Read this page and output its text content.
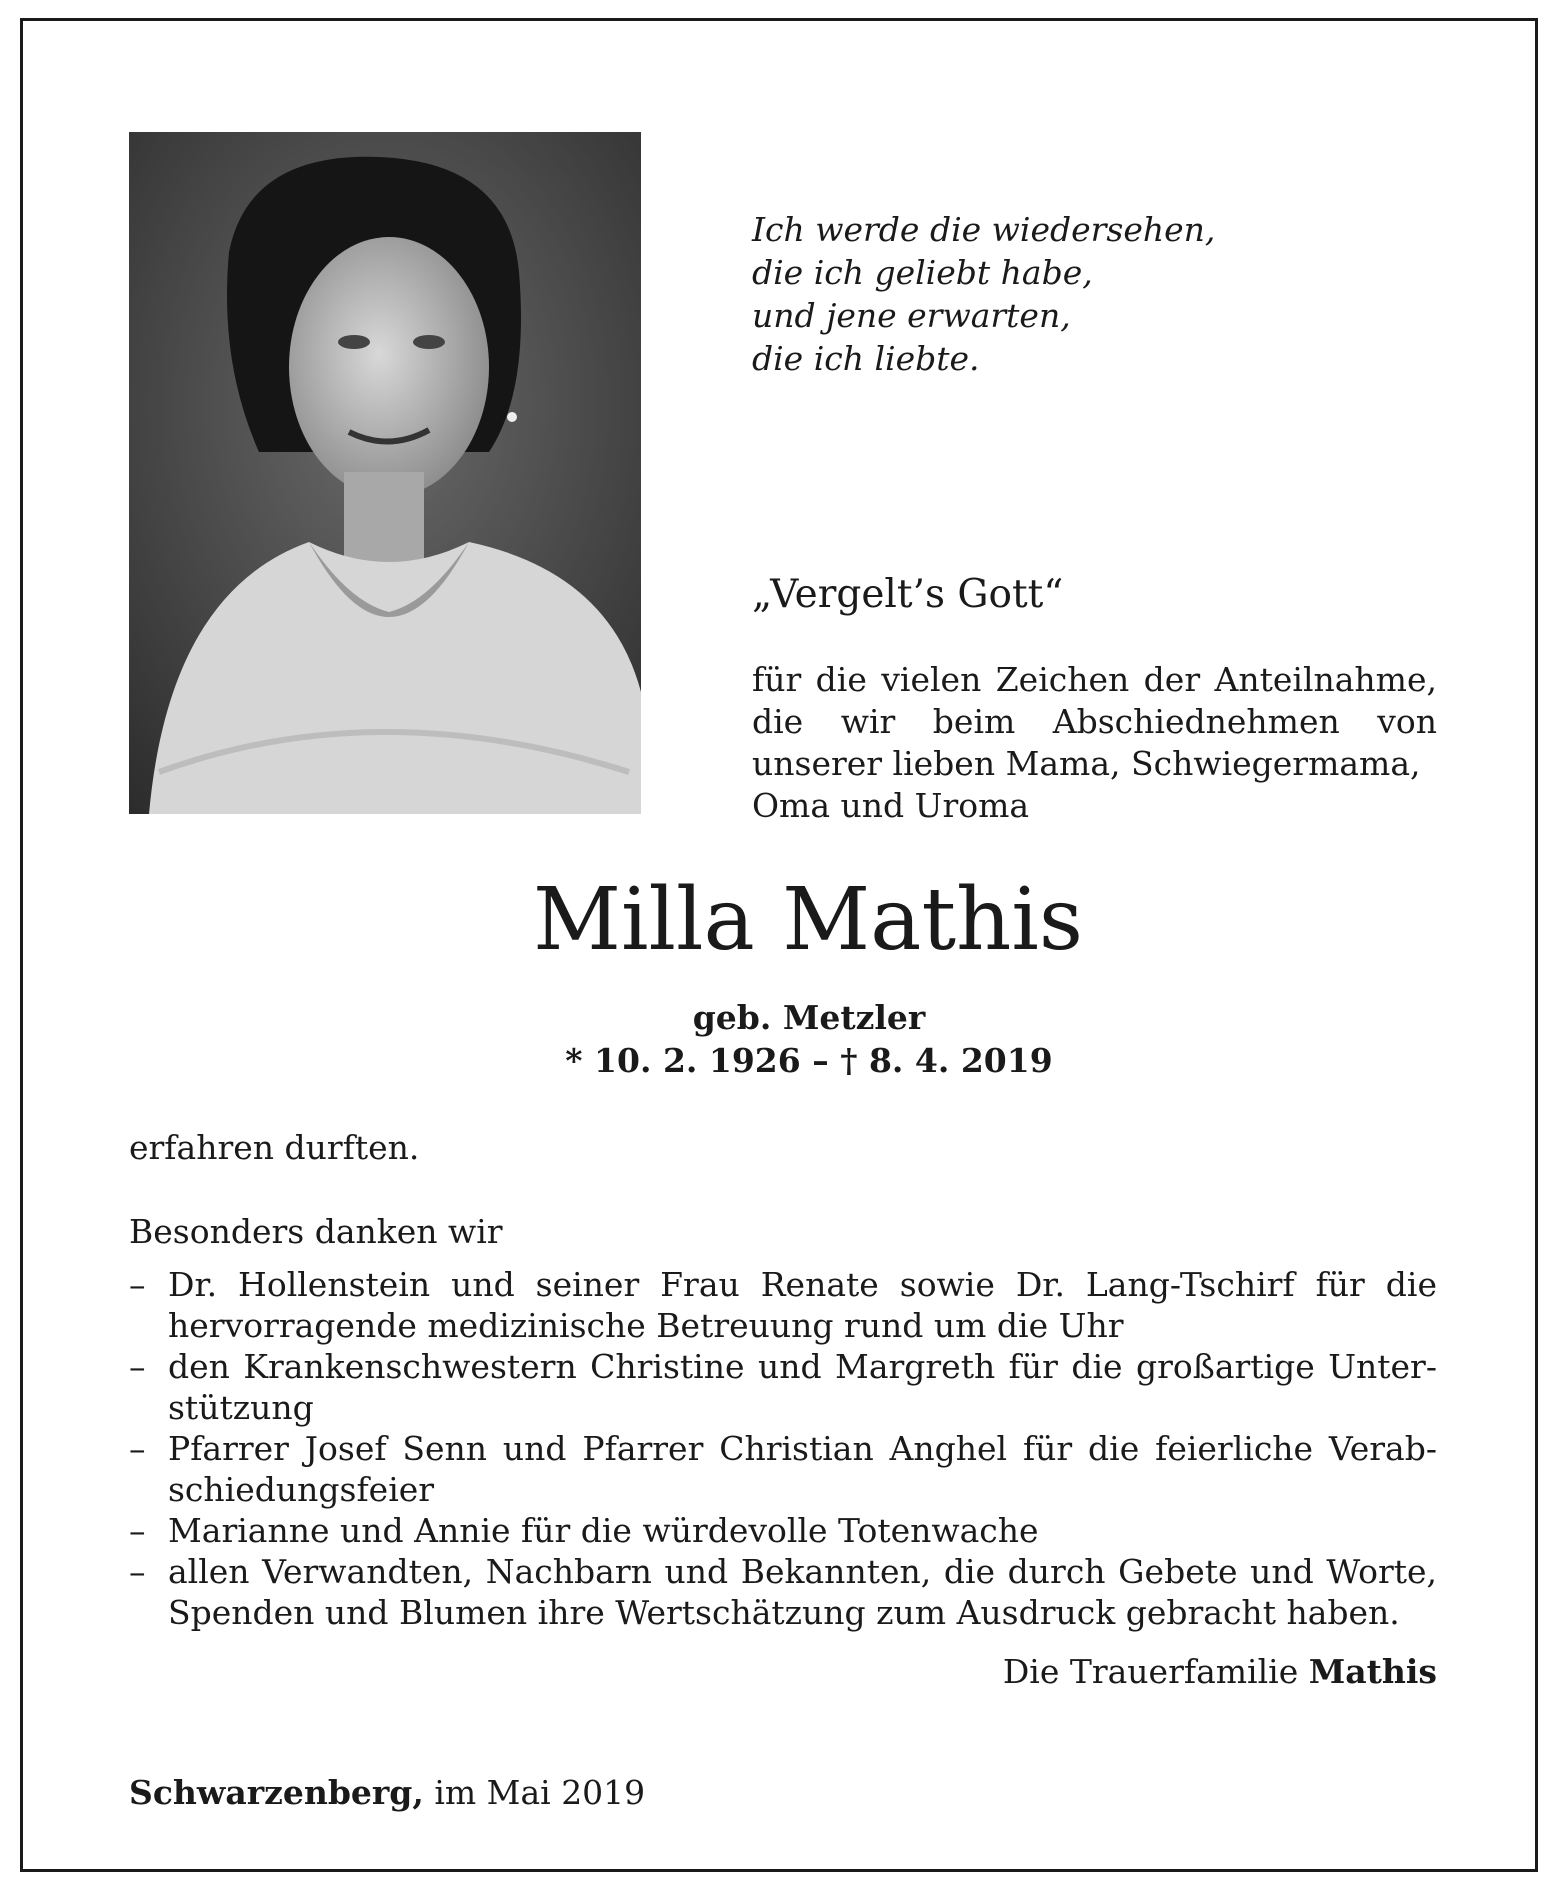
Ich werde die wiedersehen,
die ich geliebt habe,
und jene erwarten,
die ich liebte.
„Vergelt’s Gott“
für die vielen Zeichen der Anteilnahme,
die wir beim Abschiednehmen von
unserer lieben Mama, Schwiegermama,
Oma und Uroma
Milla Mathis
geb. Metzler
* 10. 2. 1926 – † 8. 4. 2019
erfahren durften.
Besonders danken wir
– Dr. Hollenstein und seiner Frau Renate sowie Dr. Lang-Tschirf für die
hervorragende medizinische Betreuung rund um die Uhr
– den Krankenschwestern Christine und Margreth für die großartige Unter-
stützung
– Pfarrer Josef Senn und Pfarrer Christian Anghel für die feierliche Verab-
schiedungsfeier
– Marianne und Annie für die würdevolle Totenwache
– allen Verwandten, Nachbarn und Bekannten, die durch Gebete und Worte,
Spenden und Blumen ihre Wertschätzung zum Ausdruck gebracht haben.
Die Trauerfamilie Mathis
Schwarzenberg, im Mai 2019
